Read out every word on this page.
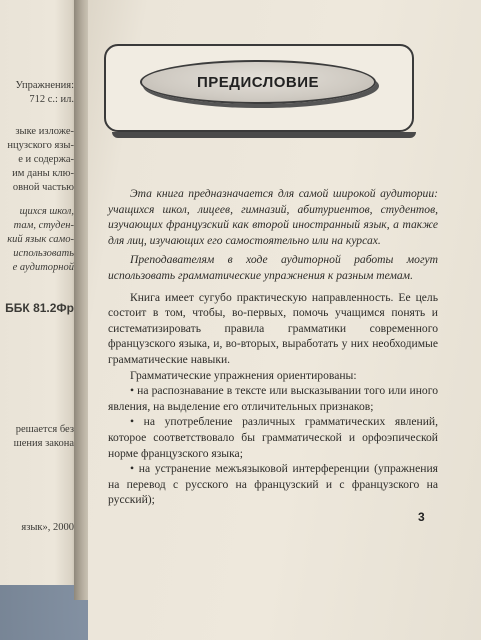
Упражнения:
712 с.: ил.
зыке изложе-
нцузского язы-
е и содержа-
им даны клю-
овной частью
щихся школ,
там, студен-
кий язык само-
использовать
е аудиторной
ББК 81.2Фр
решается без
шения закона
язык», 2000
ПРЕДИСЛОВИЕ

Эта книга предназначается для самой широкой аудитории: учащихся школ, лицеев, гимназий, абитуриентов, студентов, изучающих французский как второй иностранный язык, а также для лиц, изучающих его самостоятельно или на курсах.

Преподавателям в ходе аудиторной работы могут использовать грамматические упражнения к разным темам.

Книга имеет сугубо практическую направленность. Ее цель состоит в том, чтобы, во-первых, помочь учащимся понять и систематизировать правила грамматики современного французского языка, и, во-вторых, выработать у них необходимые грамматические навыки.

Грамматические упражнения ориентированы:

• на распознавание в тексте или высказывании того или иного явления, на выделение его отличительных признаков;

• на употребление различных грамматических явлений, которое соответствовало бы грамматической и орфоэпической норме французского языка;

• на устранение межъязыковой интерференции (упражнения на перевод с русского на французский и с французского на русский);

3
